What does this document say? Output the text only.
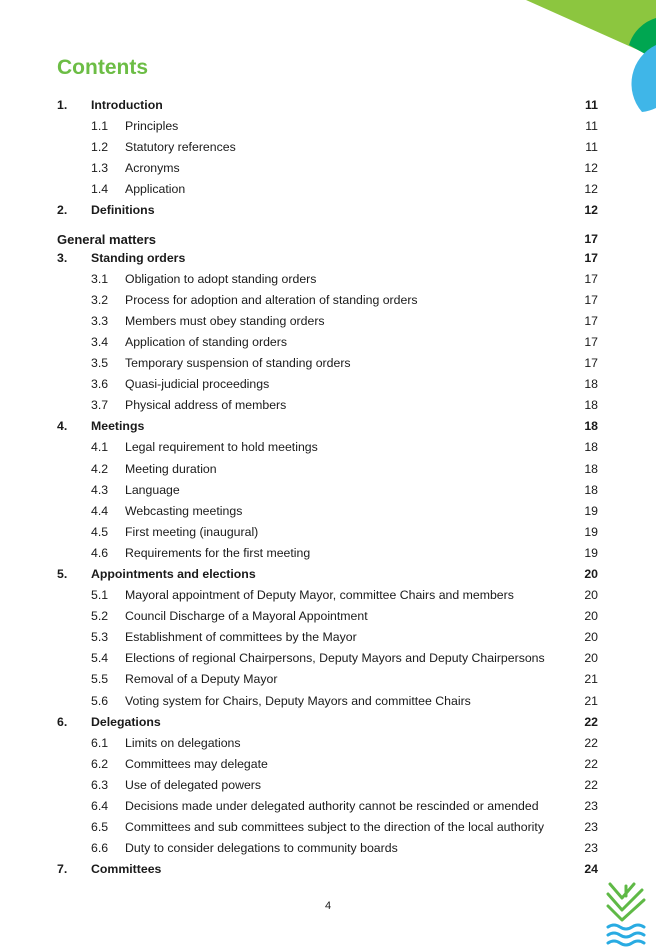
Contents
1. Introduction	11
1.1 Principles	11
1.2 Statutory references	11
1.3 Acronyms	12
1.4 Application	12
2. Definitions	12
General matters	17
3. Standing orders	17
3.1 Obligation to adopt standing orders	17
3.2 Process for adoption and alteration of standing orders	17
3.3 Members must obey standing orders	17
3.4 Application of standing orders	17
3.5 Temporary suspension of standing orders	17
3.6 Quasi-judicial proceedings	18
3.7 Physical address of members	18
4. Meetings	18
4.1 Legal requirement to hold meetings	18
4.2 Meeting duration	18
4.3 Language	18
4.4 Webcasting meetings	19
4.5 First meeting (inaugural)	19
4.6 Requirements for the first meeting	19
5. Appointments and elections	20
5.1 Mayoral appointment of Deputy Mayor, committee Chairs and members	20
5.2 Council Discharge of a Mayoral Appointment	20
5.3 Establishment of committees by the Mayor	20
5.4 Elections of regional Chairpersons, Deputy Mayors and Deputy Chairpersons	20
5.5 Removal of a Deputy Mayor	21
5.6 Voting system for Chairs, Deputy Mayors and committee Chairs	21
6. Delegations	22
6.1 Limits on delegations	22
6.2 Committees may delegate	22
6.3 Use of delegated powers	22
6.4 Decisions made under delegated authority cannot be rescinded or amended	23
6.5 Committees and sub committees subject to the direction of the local authority	23
6.6 Duty to consider delegations to community boards	23
7. Committees	24
4
